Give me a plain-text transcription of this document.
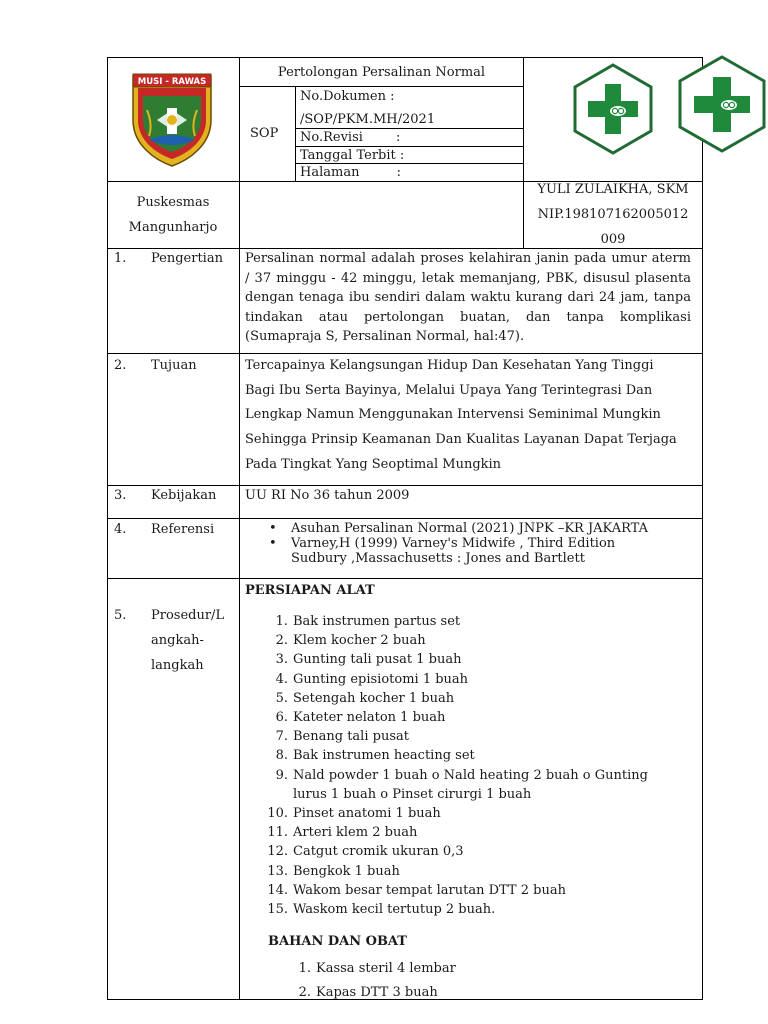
MUSI - RAWAS
Pertolongan Persalinan Normal
SOP
No.Dokumen :
/SOP/PKM.MH/2021
No.Revisi        :
Tanggal Terbit :
Halaman         :
Puskesmas
Mangunharjo
YULI ZULAIKHA, SKM
NIP.198107162005012
009
1. Pengertian Persalinan normal adalah proses kelahiran janin pada umur aterm / 37 minggu - 42 minggu, letak memanjang, PBK, disusul plasenta dengan tenaga ibu sendiri dalam waktu kurang dari 24 jam, tanpa tindakan atau pertolongan buatan, dan tanpa komplikasi (Sumapraja S, Persalinan Normal, hal:47).
2. Tujuan	Tercapainya Kelangsungan Hidup Dan Kesehatan Yang Tinggi
Bagi Ibu Serta Bayinya, Melalui Upaya Yang Terintegrasi Dan
Lengkap Namun Menggunakan Intervensi Seminimal Mungkin
Sehingga Prinsip Keamanan Dan Kualitas Layanan Dapat Terjaga
Pada Tingkat Yang Seoptimal Mungkin
3. Kebijakan UU RI No 36 tahun 2009
4. Referensi	•	Asuhan Persalinan Normal (2021) JNPK –KR JAKARTA
•	Varney,H (1999) Varney's Midwife , Third Edition
Sudbury ,Massachusetts : Jones and Bartlett
5. Prosedur/L
angkah-
langkah
PERSIAPAN ALAT
1. Bak instrumen partus set
2. Klem kocher 2 buah
3. Gunting tali pusat 1 buah
4. Gunting episiotomi 1 buah
5. Setengah kocher 1 buah
6. Kateter nelaton 1 buah
7. Benang tali pusat
8. Bak instrumen heacting set
9. Nald powder 1 buah o Nald heating 2 buah o Gunting
lurus 1 buah o Pinset cirurgi 1 buah
10. Pinset anatomi 1 buah
11. Arteri klem 2 buah
12. Catgut cromik ukuran 0,3
13. Bengkok 1 buah
14. Wakom besar tempat larutan DTT 2 buah
15. Waskom kecil tertutup 2 buah.
BAHAN DAN OBAT
1. Kassa steril 4 lembar
2. Kapas DTT 3 buah
